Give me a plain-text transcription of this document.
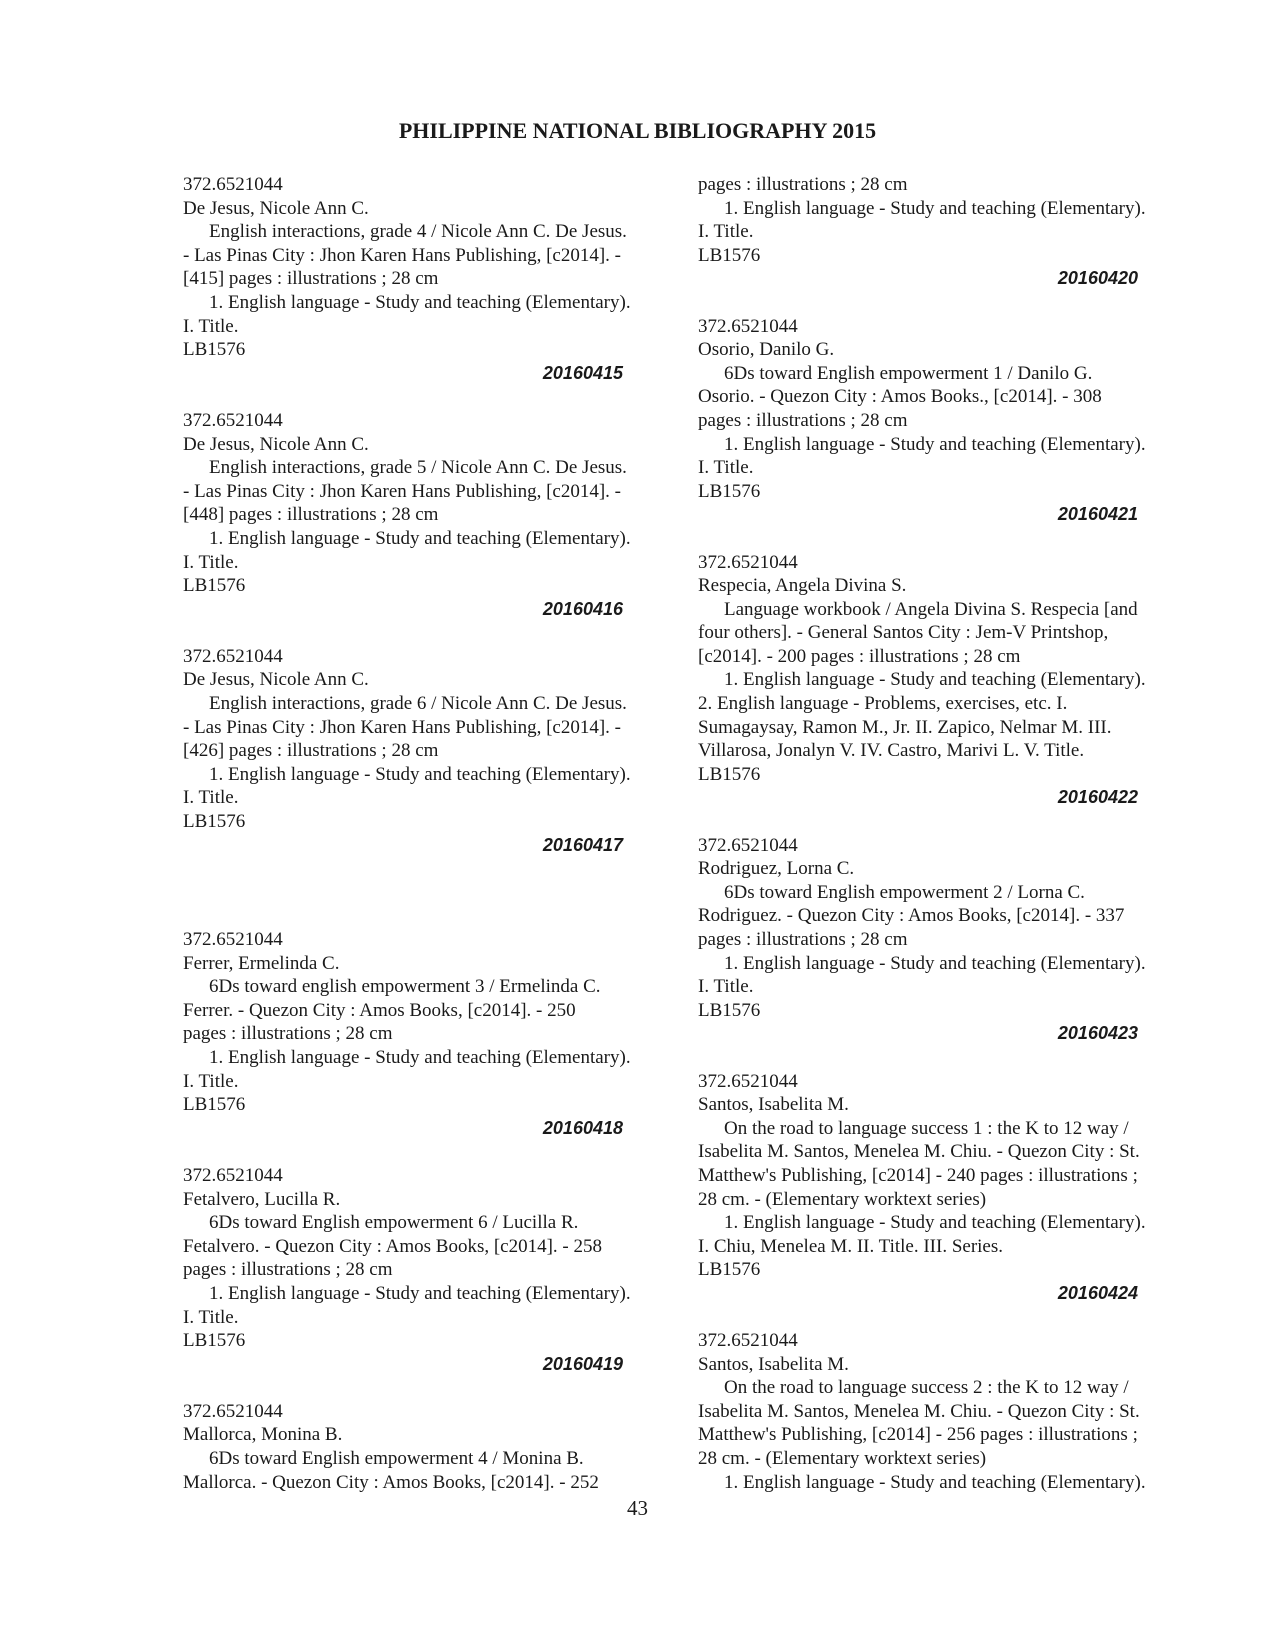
PHILIPPINE NATIONAL BIBLIOGRAPHY 2015
372.6521044
De Jesus, Nicole Ann C.
English interactions, grade 4 / Nicole Ann C. De Jesus.
- Las Pinas City : Jhon Karen Hans Publishing, [c2014]. -
[415] pages : illustrations ; 28 cm
1. English language - Study and teaching (Elementary).
I. Title.
LB1576
20160415
372.6521044
De Jesus, Nicole Ann C.
English interactions, grade 5 / Nicole Ann C. De Jesus.
- Las Pinas City : Jhon Karen Hans Publishing, [c2014]. -
[448] pages : illustrations ; 28 cm
1. English language - Study and teaching (Elementary).
I. Title.
LB1576
20160416
372.6521044
De Jesus, Nicole Ann C.
English interactions, grade 6 / Nicole Ann C. De Jesus.
- Las Pinas City : Jhon Karen Hans Publishing, [c2014]. -
[426] pages : illustrations ; 28 cm
1. English language - Study and teaching (Elementary).
I. Title.
LB1576
20160417
372.6521044
Ferrer, Ermelinda C.
6Ds toward english empowerment 3 / Ermelinda C.
Ferrer. - Quezon City : Amos Books, [c2014]. - 250
pages : illustrations ; 28 cm
1. English language - Study and teaching (Elementary).
I. Title.
LB1576
20160418
372.6521044
Fetalvero, Lucilla R.
6Ds toward English empowerment 6 / Lucilla R.
Fetalvero. - Quezon City : Amos Books, [c2014]. - 258
pages : illustrations ; 28 cm
1. English language - Study and teaching (Elementary).
I. Title.
LB1576
20160419
372.6521044
Mallorca, Monina B.
6Ds toward English empowerment 4 / Monina B.
Mallorca. - Quezon City : Amos Books, [c2014]. - 252
pages : illustrations ; 28 cm
1. English language - Study and teaching (Elementary).
I. Title.
LB1576
20160420
372.6521044
Osorio, Danilo G.
6Ds toward English empowerment 1 / Danilo G.
Osorio. - Quezon City : Amos Books., [c2014]. - 308
pages : illustrations ; 28 cm
1. English language - Study and teaching (Elementary).
I. Title.
LB1576
20160421
372.6521044
Respecia, Angela Divina S.
Language workbook / Angela Divina S. Respecia [and
four others]. - General Santos City : Jem-V Printshop,
[c2014]. - 200 pages : illustrations ; 28 cm
1. English language - Study and teaching (Elementary).
2. English language - Problems, exercises, etc. I.
Sumagaysay, Ramon M., Jr. II. Zapico, Nelmar M. III.
Villarosa, Jonalyn V. IV. Castro, Marivi L. V. Title.
LB1576
20160422
372.6521044
Rodriguez, Lorna C.
6Ds toward English empowerment 2 / Lorna C.
Rodriguez. - Quezon City : Amos Books, [c2014]. - 337
pages : illustrations ; 28 cm
1. English language - Study and teaching (Elementary).
I. Title.
LB1576
20160423
372.6521044
Santos, Isabelita M.
On the road to language success 1 : the K to 12 way /
Isabelita M. Santos, Menelea M. Chiu. - Quezon City : St.
Matthew's Publishing, [c2014] - 240 pages : illustrations ;
28 cm. - (Elementary worktext series)
1. English language - Study and teaching (Elementary).
I. Chiu, Menelea M. II. Title. III. Series.
LB1576
20160424
372.6521044
Santos, Isabelita M.
On the road to language success 2 : the K to 12 way /
Isabelita M. Santos, Menelea M. Chiu. - Quezon City : St.
Matthew's Publishing, [c2014] - 256 pages : illustrations ;
28 cm. - (Elementary worktext series)
1. English language - Study and teaching (Elementary).
43
